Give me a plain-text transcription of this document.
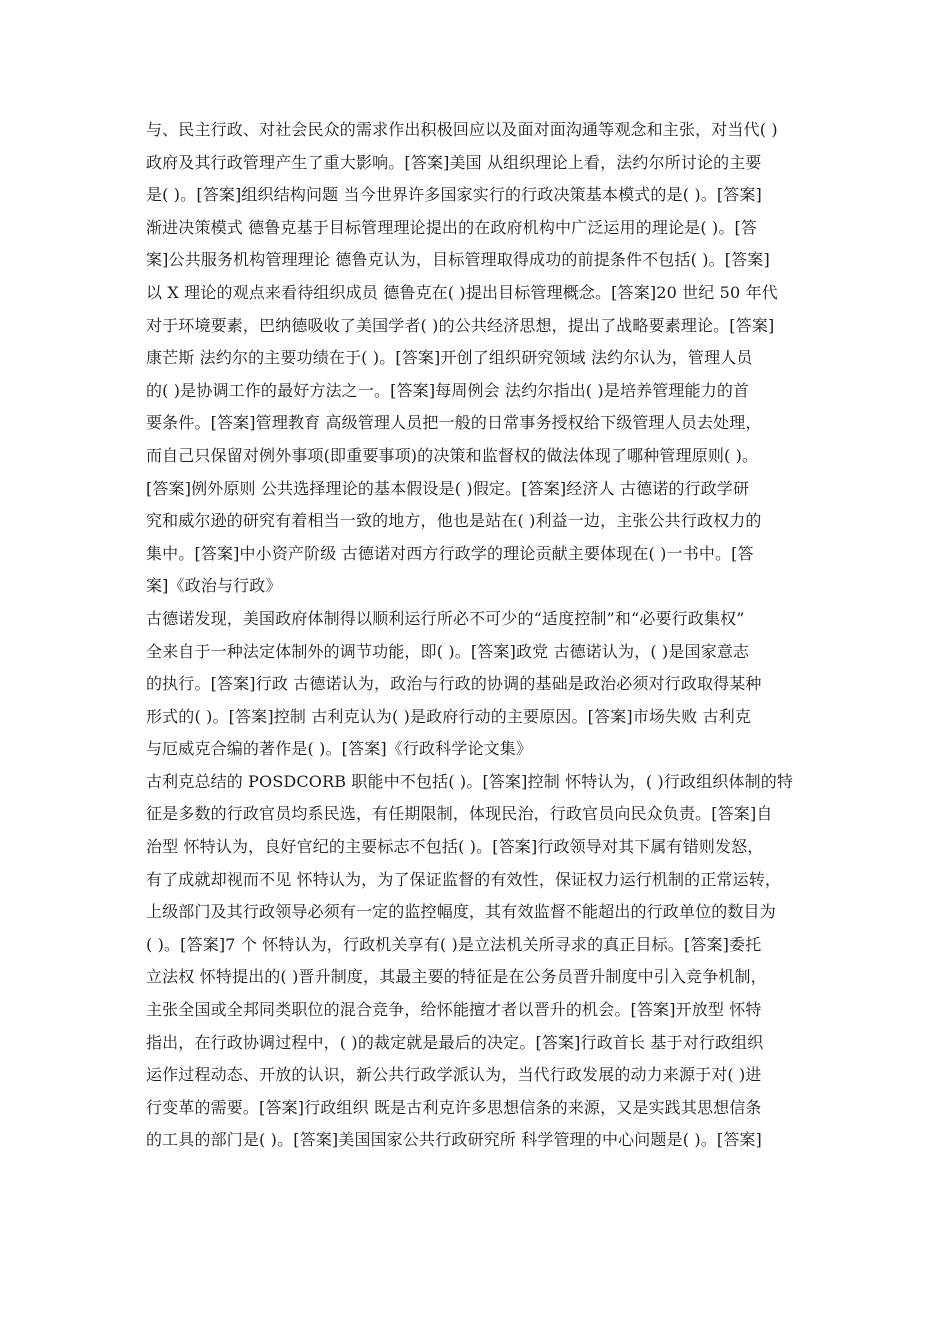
与、民主行政、对社会民众的需求作出积极回应以及面对面沟通等观念和主张，对当代( )
政府及其行政管理产生了重大影响。[答案]美国 从组织理论上看，法约尔所讨论的主要
是( )。[答案]组织结构问题 当今世界许多国家实行的行政决策基本模式的是( )。[答案]
渐进决策模式 德鲁克基于目标管理理论提出的在政府机构中广泛运用的理论是( )。[答
案]公共服务机构管理理论 德鲁克认为，目标管理取得成功的前提条件不包括( )。[答案]
以 X 理论的观点来看待组织成员 德鲁克在( )提出目标管理概念。[答案]20 世纪 50 年代
对于环境要素，巴纳德吸收了美国学者( )的公共经济思想，提出了战略要素理论。[答案]
康芒斯 法约尔的主要功绩在于( )。[答案]开创了组织研究领域 法约尔认为，管理人员
的( )是协调工作的最好方法之一。[答案]每周例会 法约尔指出( )是培养管理能力的首
要条件。[答案]管理教育 高级管理人员把一般的日常事务授权给下级管理人员去处理，
而自己只保留对例外事项(即重要事项)的决策和监督权的做法体现了哪种管理原则( )。
[答案]例外原则 公共选择理论的基本假设是( )假定。[答案]经济人 古德诺的行政学研
究和威尔逊的研究有着相当一致的地方，他也是站在( )利益一边，主张公共行政权力的
集中。[答案]中小资产阶级 古德诺对西方行政学的理论贡献主要体现在( )一书中。[答
案]《政治与行政》
古德诺发现，美国政府体制得以顺利运行所必不可少的“适度控制”和“必要行政集权”
全来自于一种法定体制外的调节功能，即( )。[答案]政党 古德诺认为，( )是国家意志
的执行。[答案]行政 古德诺认为，政治与行政的协调的基础是政治必须对行政取得某种
形式的( )。[答案]控制 古利克认为( )是政府行动的主要原因。[答案]市场失败 古利克
与厄威克合编的著作是( )。[答案]《行政科学论文集》
古利克总结的 POSDCORB 职能中不包括( )。[答案]控制 怀特认为，( )行政组织体制的特
征是多数的行政官员均系民选，有任期限制，体现民治，行政官员向民众负责。[答案]自
治型 怀特认为，良好官纪的主要标志不包括( )。[答案]行政领导对其下属有错则发怒，
有了成就却视而不见 怀特认为，为了保证监督的有效性，保证权力运行机制的正常运转，
上级部门及其行政领导必须有一定的监控幅度，其有效监督不能超出的行政单位的数目为
( )。[答案]7 个 怀特认为，行政机关享有( )是立法机关所寻求的真正目标。[答案]委托
立法权 怀特提出的( )晋升制度，其最主要的特征是在公务员晋升制度中引入竞争机制，
主张全国或全邦同类职位的混合竞争，给怀能擅才者以晋升的机会。[答案]开放型 怀特
指出，在行政协调过程中，( )的裁定就是最后的决定。[答案]行政首长 基于对行政组织
运作过程动态、开放的认识，新公共行政学派认为，当代行政发展的动力来源于对( )进
行变革的需要。[答案]行政组织 既是古利克许多思想信条的来源，又是实践其思想信条
的工具的部门是( )。[答案]美国国家公共行政研究所 科学管理的中心问题是( )。[答案]
